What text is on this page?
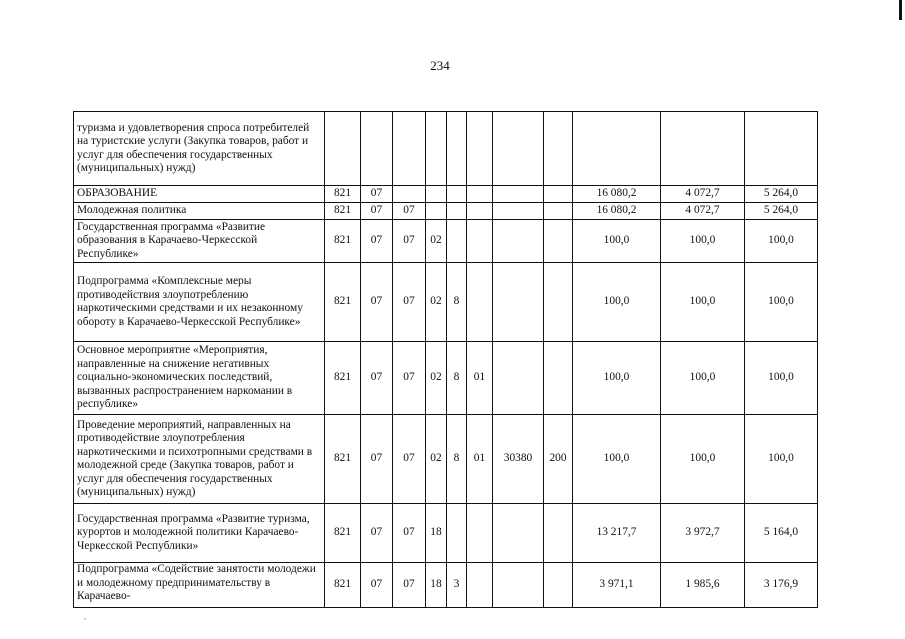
234
туризма и удовлетворения спроса потребителей на туристские услуги (Закупка товаров, работ и услуг для обеспечения государственных (муниципальных) нужд)											
ОБРАЗОВАНИЕ	821	07							16 080,2	4 072,7	5 264,0
Молодежная политика	821	07	07						16 080,2	4 072,7	5 264,0
Государственная программа «Развитие образования в Карачаево-Черкесской Республике»	821	07	07	02					100,0	100,0	100,0
Подпрограмма «Комплексные меры противодействия злоупотреблению наркотическими средствами и их незаконному обороту в Карачаево-Черкесской Республике»	821	07	07	02	8				100,0	100,0	100,0
Основное мероприятие «Мероприятия, направленные на снижение негативных социально-экономических последствий, вызванных распространением наркомании в республике»	821	07	07	02	8	01			100,0	100,0	100,0
Проведение мероприятий, направленных на противодействие злоупотребления наркотическими и психотропными средствами в молодежной среде (Закупка товаров, работ и услуг для обеспечения государственных (муниципальных) нужд)	821	07	07	02	8	01	30380	200	100,0	100,0	100,0
Государственная программа «Развитие туризма, курортов и молодежной политики Карачаево-Черкесской Республики»	821	07	07	18					13 217,7	3 972,7	5 164,0
Подпрограмма «Содействие занятости молодежи и молодежному предпринимательству в Карачаево-	821	07	07	18	3				3 971,1	1 985,6	3 176,9
,
